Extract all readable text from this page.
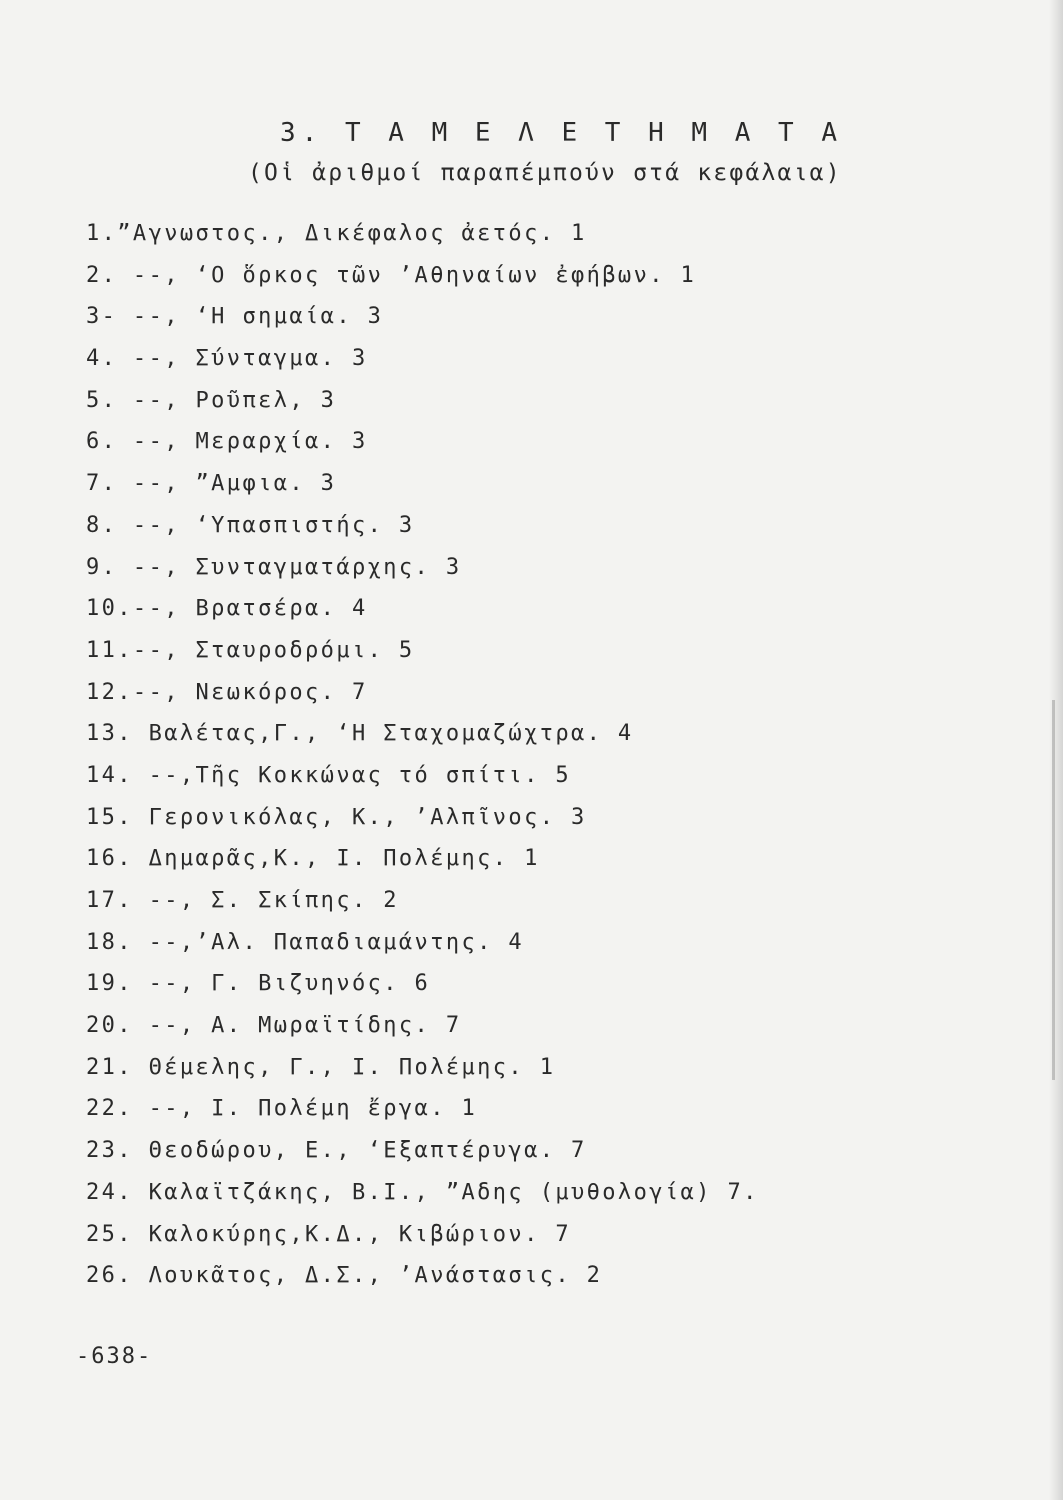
3. Τ Α Μ Ε Λ Ε Τ Η Μ Α Τ Α
(Οἱ ἀριθμοί παραπέμπούν στά κεφάλαια)
1.”Αγνωστος., Δικέφαλος ἀετός. 1
2. --, ʻΟ ὅρκος τῶν ʼΑθηναίων ἐφήβων. 1
3- --, ʻΗ σημαία. 3
4. --, Σύνταγμα. 3
5. --, Ροῦπελ, 3
6. --, Μεραρχία. 3
7. --, ”Αμφια. 3
8. --, ʻΥπασπιστής. 3
9. --, Συνταγματάρχης. 3
10.--, Βρατσέρα. 4
11.--, Σταυροδρόμι. 5
12.--, Νεωκόρος. 7
13. Βαλέτας,Γ., ʻΗ Σταχομαζώχτρα. 4
14. --,Τῆς Κοκκώνας τό σπίτι. 5
15. Γερονικόλας, Κ., ʼΑλπῖνος. 3
16. Δημαρᾶς,Κ., Ι. Πολέμης. 1
17. --, Σ. Σκίπης. 2
18. --,ʼΑλ. Παπαδιαμάντης. 4
19. --, Γ. Βιζυηνός. 6
20. --, Α. Μωραϊτίδης. 7
21. Θέμελης, Γ., Ι. Πολέμης. 1
22. --, Ι. Πολέμη ἔργα. 1
23. Θεοδώρου, Ε., ʻΕξαπτέρυγα. 7
24. Καλαϊτζάκης, Β.Ι., ”Αδης (μυθολογία) 7.
25. Καλοκύρης,Κ.Δ., Κιβώριον. 7
26. Λουκᾶτος, Δ.Σ., ʼΑνάστασις. 2
-638-
